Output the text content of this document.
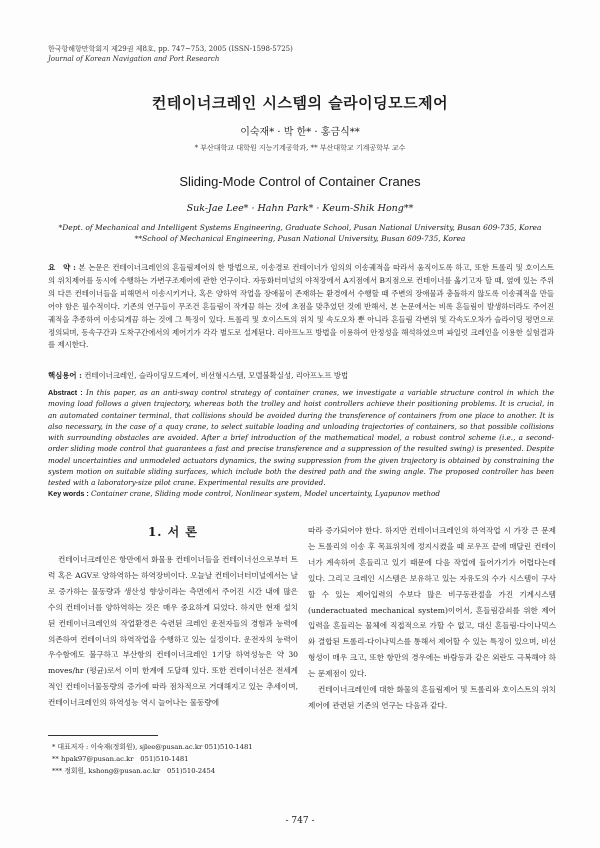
한국항해항만학회지 제29권 제8호, pp. 747~753, 2005 (ISSN-1598-5725)
Journal of Korean Navigation and Port Research
컨테이너크레인 시스템의 슬라이딩모드제어
이숙재* · 박 한* · 홍금식**
* 부산대학교 대학원 지능기계공학과, ** 부산대학교 기계공학부 교수
Sliding-Mode Control of Container Cranes
Suk-Jae Lee* · Hahn Park* · Keum-Shik Hong**
*Dept. of Mechanical and Intelligent Systems Engineering, Graduate School, Pusan National University, Busan 609-735, Korea
**School of Mechanical Engineering, Pusan National University, Busan 609-735, Korea
요　약 : 본 논문은 컨테이너크레인의 흔들림제어의 한 방법으로, 이송경로 컨테이너가 임의의 이송궤적을 따라서 움직이도록 하고, 또한 트롤리 및 호이스트의 위치제어를 동시에 수행하는 가변구조제어에 관한 연구이다. 자동화터미널의 야적장에서 A지점에서 B지점으로 컨테이너를 옮기고자 할 때, 옆에 있는 주위의 다른 컨테이너들을 피해면서 이송시키거나, 혹은 양하역 작업을 장애물이 존재하는 환경에서 수행할 때 주변의 장애물과 충돌하지 않도록 이송궤적을 만들어야 함은 필수적이다. 기존의 연구들이 무조건 흔들림이 작게끔 하는 것에 초점을 맞추었던 것에 반해서, 본 논문에서는 비록 흔들림이 발생하더라도 주어진 궤적을 추종하여 이송되게끔 하는 것에 그 특징이 있다. 트롤리 및 호이스트의 위치 및 속도오차 뿐 아니라 흔들림 각변위 및 각속도오차가 슬라이딩 평면으로 정의되며, 동속구간과 도착구간에서의 제어기가 각각 별도로 설계된다. 리아프노프 방법을 이용하여 안정성을 해석하였으며 파일럿 크레인을 이용한 실험결과를 제시한다.
핵심용어 : 컨테이너크레인, 슬라이딩모드제어, 비선형시스템, 모델불확실성, 리아프노프 방법
Abstract : In this paper, as an anti-sway control strategy of container cranes, we investigate a variable structure control in which the moving load follows a given trajectory, whereas both the trolley and hoist controllers achieve their positioning problems. It is crucial, in an automated container terminal, that collisions should be avoided during the transference of containers from one place to another. It is also necessary, in the case of a quay crane, to select suitable loading and unloading trajectories of containers, so that possible collisions with surrounding obstacles are avoided. After a brief introduction of the mathematical model, a robust control scheme (i.e., a second-order sliding mode control that guarantees a fast and precise transference and a suppression of the resulted swing) is presented. Despite model uncertainties and unmodeled actuators dynamics, the swing suppression from the given trajectory is obtained by constraining the system motion on suitable sliding surfaces, which include both the desired path and the swing angle. The proposed controller has been tested with a laboratory-size pilot crane. Experimental results are provided.
Key words : Container crane, Sliding mode control, Nonlinear system, Model uncertainty, Lyapunov method
1. 서 론

컨테이너크레인은 항만에서 화물용 컨테이너들을 컨테이너선으로부터 트럭 혹은 AGV로 양하역하는 하역장비이다. 오늘날 컨테이너터미널에서는 날로 증가하는 물동량과 생산성 향상이라는 측면에서 주어진 시간 내에 많은 수의 컨테이너를 양하역하는 것은 매우 중요하게 되었다. 하지만 현재 설치된 컨테이너크레인의 작업환경은 숙련된 크레인 운전자들의 경험과 능력에 의존하여 컨테이너의 하역작업을 수행하고 있는 실정이다. 운전자의 능력이 우수함에도 불구하고 부산항의 컨테이너크레인 1기당 하역성능은 약 30 moves/hr (평균)로서 이미 한계에 도달해 있다. 또한 컨테이너선은 전세계적인 컨테이너물동량의 증가에 따라 점차적으로 거대해지고 있는 추세이며, 컨테이너크레인의 하역성능 역시 늘어나는 물동량에

따라 증가되어야 한다. 하지만 컨테이너크레인의 하역작업 시 가장 큰 문제는 트롤리의 이송 후 목표위치에 정지시켰을 때 로우프 끝에 매달린 컨테이너가 계속하여 흔들리고 있기 때문에 다음 작업에 들어가기가 어렵다는데 있다. 그리고 크레인 시스템은 보유하고 있는 자유도의 수가 시스템이 구사할 수 있는 제어입력의 수보다 많은 비구동관절을 가진 기계시스템(underactuated mechanical system)이어서, 흔들림감쇠를 위한 제어입력을 흔들리는 물체에 직접적으로 가할 수 없고, 대신 흔들림-다이나믹스와 결합된 트롤리-다이나믹스를 통해서 제어할 수 있는 특징이 있으며, 비선형성이 매우 크고, 또한 항만의 경우에는 바람등과 같은 외란도 극복해야 하는 문제점이 있다.

컨테이너크레인에 대한 화물의 흔들림제어 및 트롤리와 호이스트의 위치제어에 관련된 기존의 연구는 다음과 같다.

* 대표저자 : 이숙재(정회원), sjlee@pusan.ac.kr 051)510-1481
** hpak97@pusan.ac.kr　051)510-1481
*** 정회원, kshong@pusan.ac.kr　051)510-2454
- 747 -
